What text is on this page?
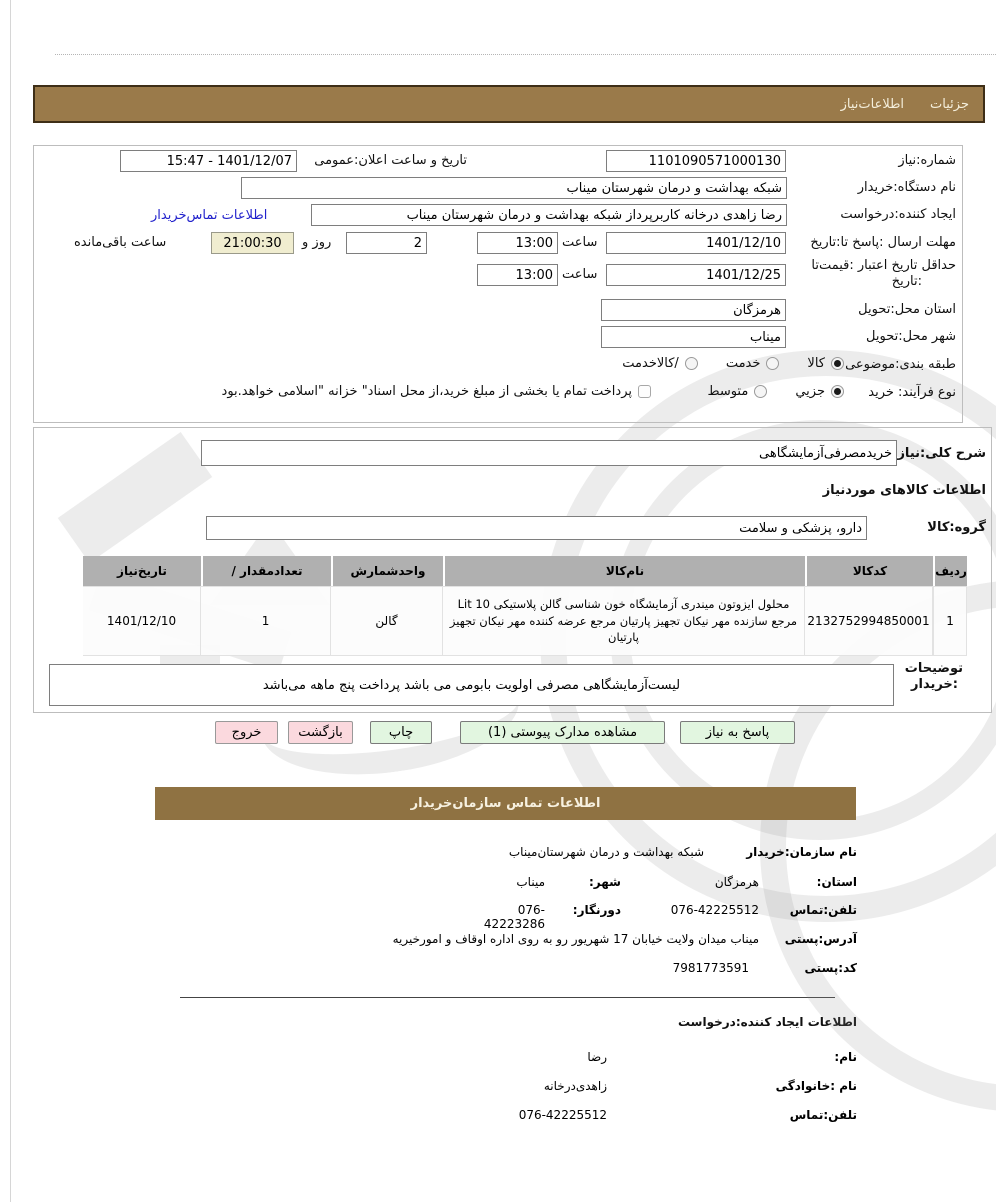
جزئیات
اطلاعات‌نیاز
شماره:نیاز
1101090571000130
تاریخ و ساعت اعلان:عمومی
1401/12/07 - 15:47
نام دستگاه:خریدار
شبکه بهداشت و درمان شهرستان میناب
ایجاد کننده:درخواست
رضا زاهدی درخانه کاربرپرداز شبکه بهداشت و درمان شهرستان میناب
اطلاعات تماس‌خریدار
مهلت ارسال :پاسخ تا:تاریخ
1401/12/10
ساعت
13:00
2
روز و
21:00:30
ساعت باقی‌مانده
حداقل تاریخ اعتبار :قیمت‌تا
:تاریخ
1401/12/25
ساعت
13:00
استان محل:تحویل
هرمزگان
شهر محل:تحویل
میناب
طبقه بندی:موضوعی
کالا
خدمت
/کالاخدمت
نوع فرآیند: خرید
جزیي
متوسط
پرداخت تمام یا بخشی از مبلغ خرید،از محل اسناد" خزانه "اسلامی خواهد.بود
شرح کلی:نیاز
خریدمصرفی‌آزمایشگاهی
اطلاعات کالاهای موردنیاز
گروه:کالا
دارو، پزشکی و سلامت
ردیف
کدکالا
نام‌کالا
واحدشمارش
تعدادمقدار /
تاریخ‌نیاز
1
2132752994850001
محلول ایزوتون میندری آزمایشگاه خون شناسی گالن پلاستیکی Lit 10 مرجع سازنده مهر نیکان تجهیز پارتیان مرجع عرضه کننده مهر نیکان تجهیز پارتیان
گالن
1
1401/12/10
توضیحات
:خریدار
لیست‌آزمایشگاهی مصرفی اولویت بابومی می باشد پرداخت پنج ماهه می‌باشد
پاسخ به نیاز
مشاهده مدارک پیوستی (1)
چاپ
بازگشت
خروج
اطلاعات تماس سازمان‌خریدار
نام سازمان:خریدار
شبکه بهداشت و درمان شهرستان‌میناب
استان:
هرمزگان
شهر:
میناب
تلفن:تماس
076-42225512
دورنگار:
076-42223286
آدرس:پستی
میناب میدان ولایت خیابان 17 شهریور رو به روی اداره اوقاف و امورخیریه
کد:پستی
7981773591
اطلاعات ایجاد کننده:درخواست
نام:
رضا
نام :خانوادگی
زاهدی‌درخانه
تلفن:تماس
076-42225512
